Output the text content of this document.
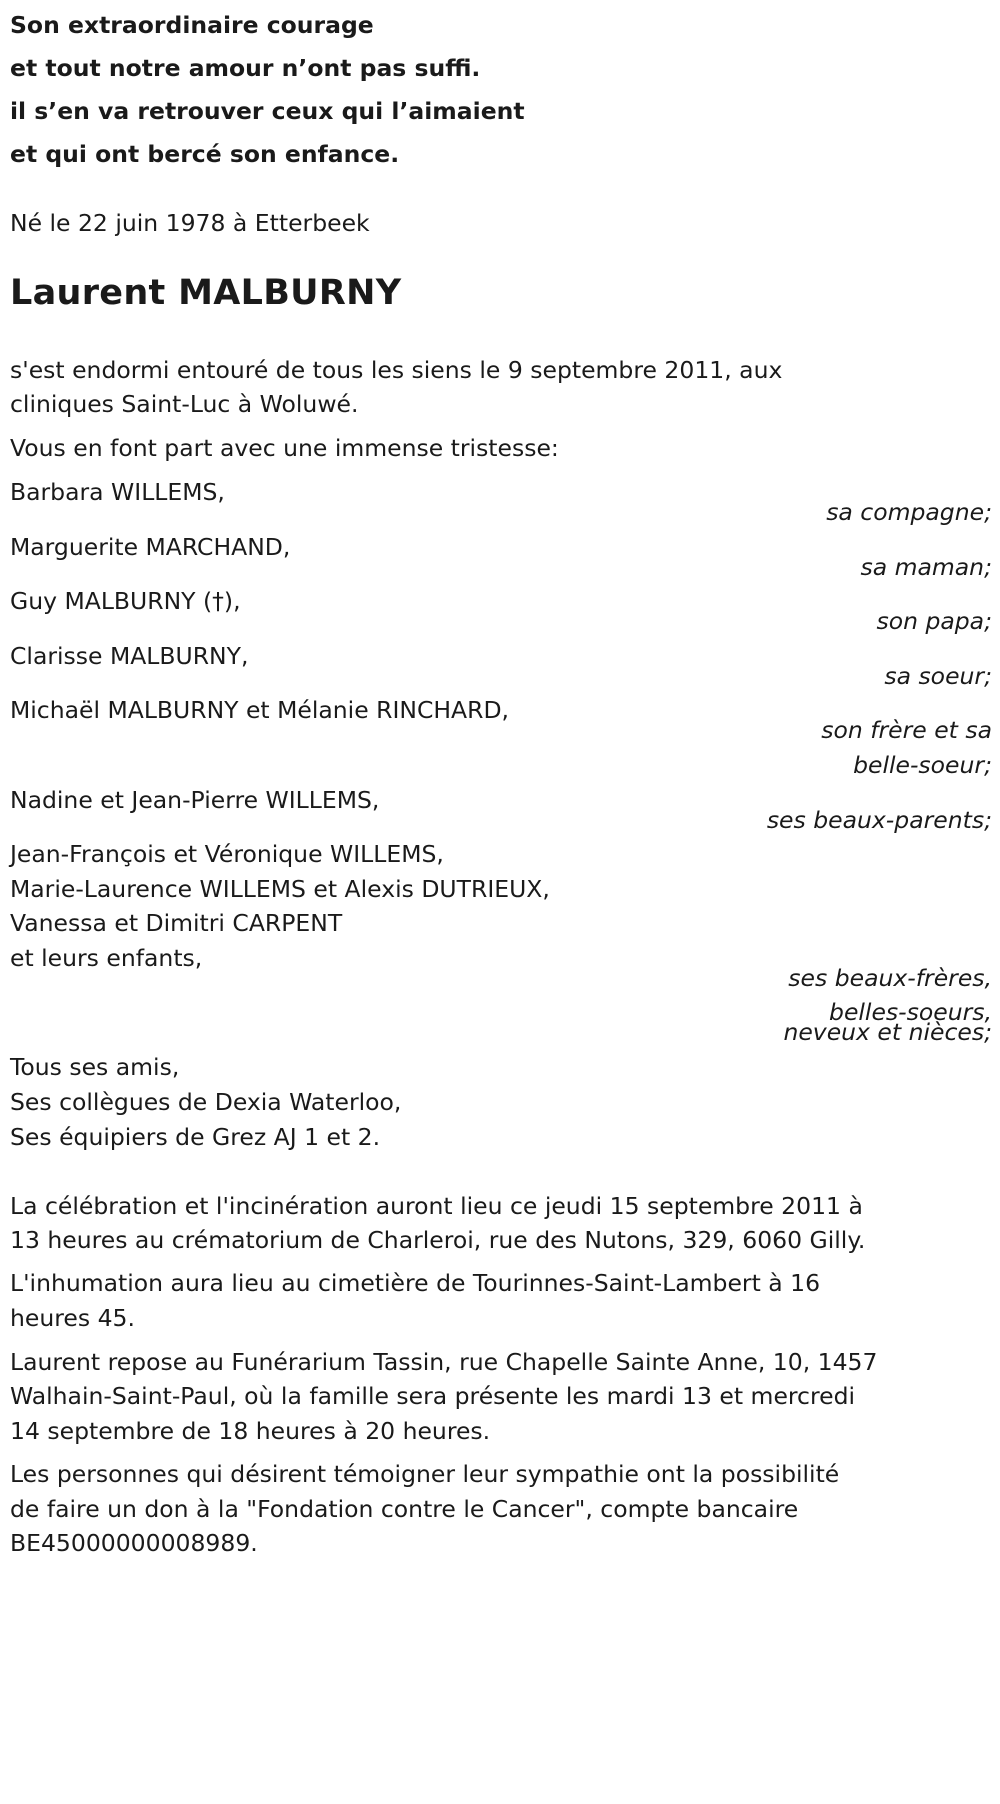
Son extraordinaire courage
et tout notre amour n’ont pas suffi.
il s’en va retrouver ceux qui l’aimaient
et qui ont bercé son enfance.
Né le 22 juin 1978 à Etterbeek
Laurent MALBURNY
s'est endormi entouré de tous les siens le 9 septembre 2011, aux
cliniques Saint-Luc à Woluwé.
Vous en font part avec une immense tristesse:
Barbara WILLEMS,
sa compagne;
Marguerite MARCHAND,
sa maman;
Guy MALBURNY (†),
son papa;
Clarisse MALBURNY,
sa soeur;
Michaël MALBURNY et Mélanie RINCHARD,
son frère et sa
belle-soeur;
Nadine et Jean-Pierre WILLEMS,
ses beaux-parents;
Jean-François et Véronique WILLEMS,
Marie-Laurence WILLEMS et Alexis DUTRIEUX,
Vanessa et Dimitri CARPENT
et leurs enfants,
ses beaux-frères,
belles-soeurs,
neveux et nièces;
Tous ses amis,
Ses collègues de Dexia Waterloo,
Ses équipiers de Grez AJ 1 et 2.
La célébration et l'incinération auront lieu ce jeudi 15 septembre 2011 à
13 heures au crématorium de Charleroi, rue des Nutons, 329, 6060 Gilly.
L'inhumation aura lieu au cimetière de Tourinnes-Saint-Lambert à 16
heures 45.
Laurent repose au Funérarium Tassin, rue Chapelle Sainte Anne, 10, 1457
Walhain-Saint-Paul, où la famille sera présente les mardi 13 et mercredi
14 septembre de 18 heures à 20 heures.
Les personnes qui désirent témoigner leur sympathie ont la possibilité
de faire un don à la "Fondation contre le Cancer", compte bancaire
BE45000000008989.
